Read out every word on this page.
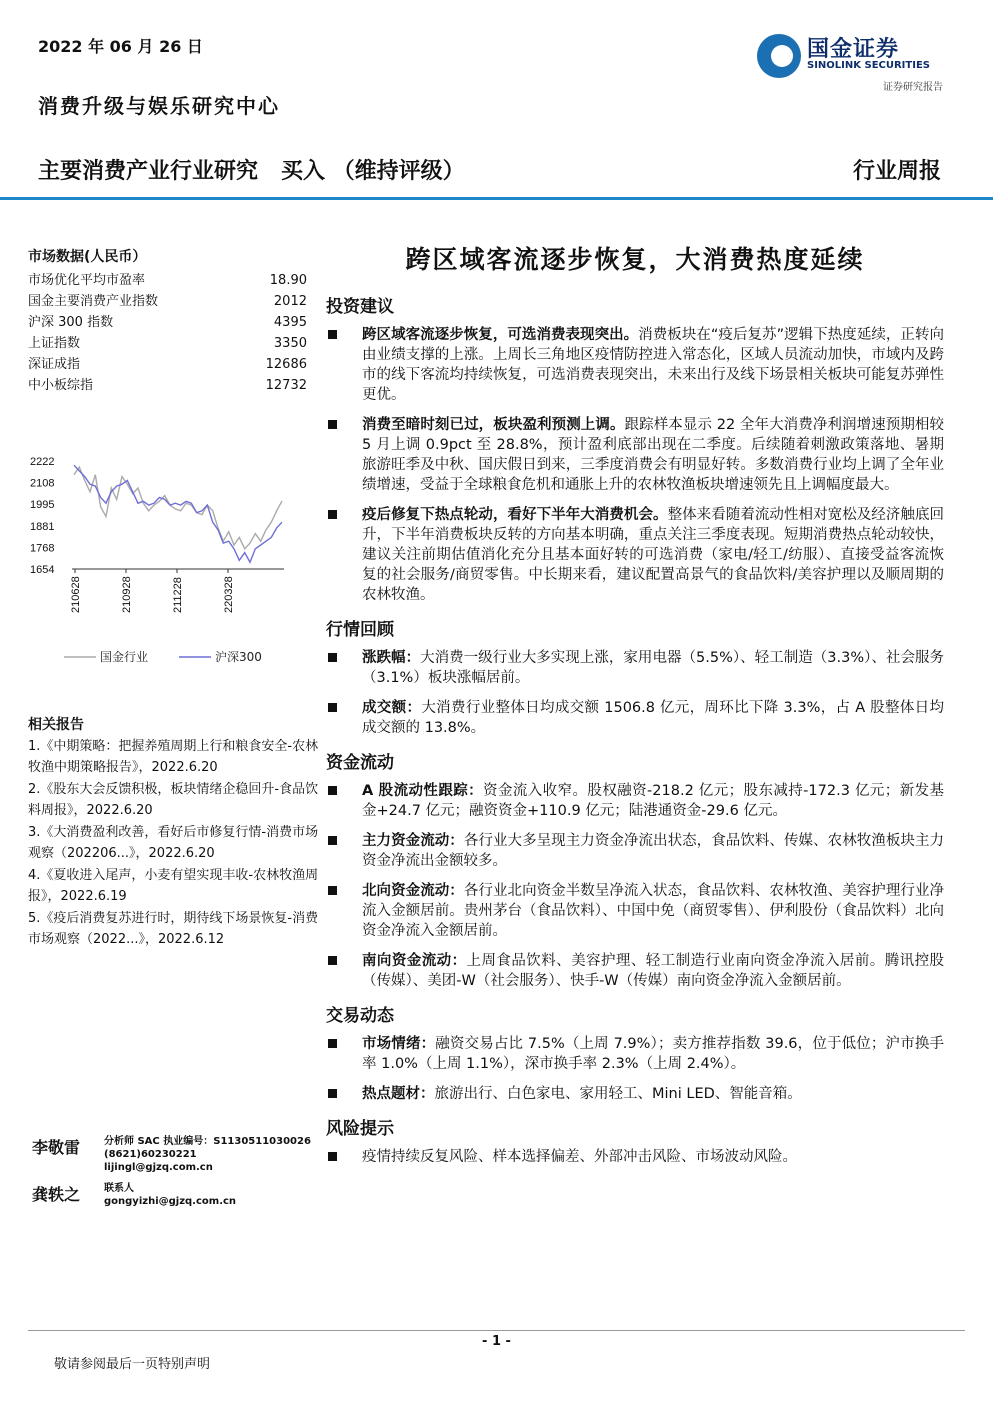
2022 年 06 月 26 日
消费升级与娱乐研究中心
国金证券
SINOLINK SECURITIES
证券研究报告
主要消费产业行业研究   买入 （维持评级）	行业周报
市场数据(人民币）
市场优化平均市盈率	18.90
国金主要消费产业指数	2012
沪深 300 指数	4395
上证指数	3350
深证成指	12686
中小板综指	12732
2222
2108
1995
1881
1768
1654
210628	210928	211228	220328
国金行业	沪深300
相关报告
1.《中期策略：把握养殖周期上行和粮食安全-农林牧渔中期策略报告》，2022.6.20
2.《股东大会反馈积极，板块情绪企稳回升-食品饮料周报》，2022.6.20
3.《大消费盈利改善，看好后市修复行情-消费市场观察（202206...》，2022.6.20
4.《夏收进入尾声，小麦有望实现丰收-农林牧渔周报》，2022.6.19
5.《疫后消费复苏进行时，期待线下场景恢复-消费市场观察（2022...》，2022.6.12
李敬雷	分析师 SAC 执业编号：S1130511030026
(8621)60230221
lijingl@gjzq.com.cn
龚轶之	联系人
gongyizhi@gjzq.com.cn
跨区域客流逐步恢复，大消费热度延续
投资建议
跨区域客流逐步恢复，可选消费表现突出。消费板块在“疫后复苏”逻辑下热度延续，正转向由业绩支撑的上涨。上周长三角地区疫情防控进入常态化，区域人员流动加快，市域内及跨市的线下客流均持续恢复，可选消费表现突出，未来出行及线下场景相关板块可能复苏弹性更优。
消费至暗时刻已过，板块盈利预测上调。跟踪样本显示 22 全年大消费净利润增速预期相较 5 月上调 0.9pct 至 28.8%，预计盈利底部出现在二季度。后续随着刺激政策落地、暑期旅游旺季及中秋、国庆假日到来，三季度消费会有明显好转。多数消费行业均上调了全年业绩增速，受益于全球粮食危机和通胀上升的农林牧渔板块增速领先且上调幅度最大。
疫后修复下热点轮动，看好下半年大消费机会。整体来看随着流动性相对宽松及经济触底回升，下半年消费板块反转的方向基本明确，重点关注三季度表现。短期消费热点轮动较快，建议关注前期估值消化充分且基本面好转的可选消费（家电/轻工/纺服）、直接受益客流恢复的社会服务/商贸零售。中长期来看，建议配置高景气的食品饮料/美容护理以及顺周期的农林牧渔。
行情回顾
涨跌幅：大消费一级行业大多实现上涨，家用电器（5.5%）、轻工制造（3.3%）、社会服务（3.1%）板块涨幅居前。
成交额：大消费行业整体日均成交额 1506.8 亿元，周环比下降 3.3%，占 A 股整体日均成交额的 13.8%。
资金流动
A 股流动性跟踪：资金流入收窄。股权融资-218.2 亿元；股东减持-172.3 亿元；新发基金+24.7 亿元；融资资金+110.9 亿元；陆港通资金-29.6 亿元。
主力资金流动：各行业大多呈现主力资金净流出状态，食品饮料、传媒、农林牧渔板块主力资金净流出金额较多。
北向资金流动：各行业北向资金半数呈净流入状态，食品饮料、农林牧渔、美容护理行业净流入金额居前。贵州茅台（食品饮料）、中国中免（商贸零售）、伊利股份（食品饮料）北向资金净流入金额居前。
南向资金流动：上周食品饮料、美容护理、轻工制造行业南向资金净流入居前。腾讯控股（传媒）、美团-W（社会服务）、快手-W（传媒）南向资金净流入金额居前。
交易动态
市场情绪：融资交易占比 7.5%（上周 7.9%）；卖方推荐指数 39.6，位于低位；沪市换手率 1.0%（上周 1.1%），深市换手率 2.3%（上周 2.4%）。
热点题材：旅游出行、白色家电、家用轻工、Mini LED、智能音箱。
风险提示
疫情持续反复风险、样本选择偏差、外部冲击风险、市场波动风险。
- 1 -
敬请参阅最后一页特别声明
